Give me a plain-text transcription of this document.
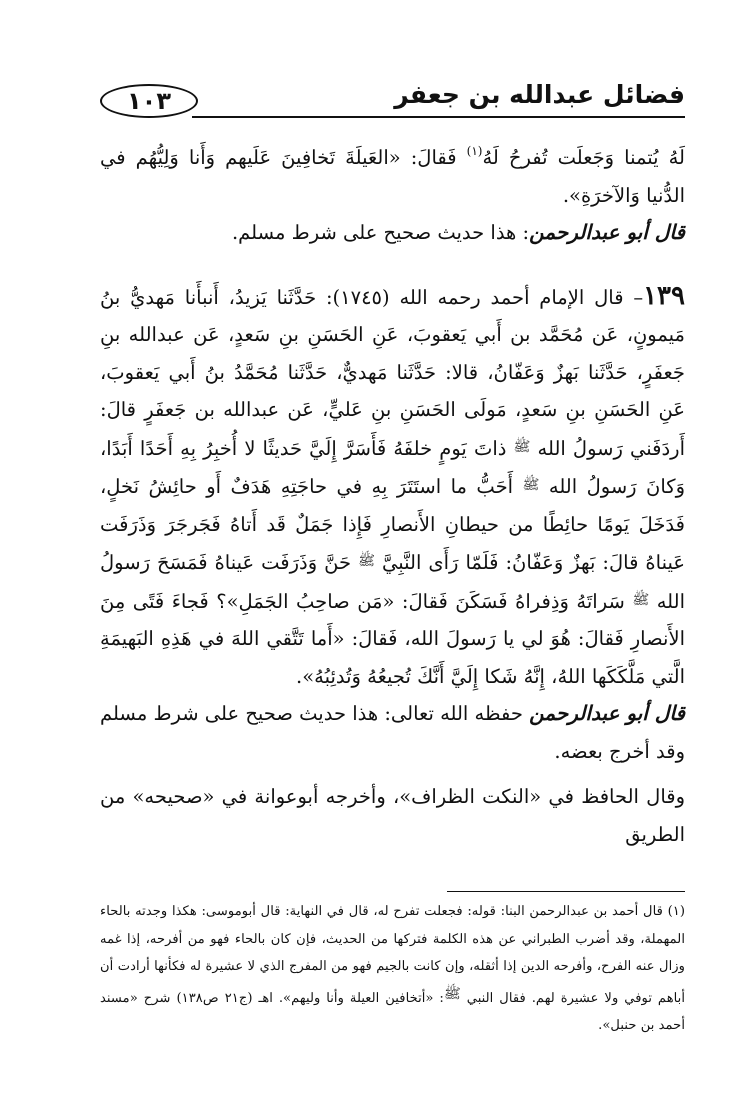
فضائل عبدالله بن جعفر
١٠٣

لَهُ يُتمنا وَجَعلَت تُفرحُ لَهُ$^{(١)}$ فَقالَ: «العَيلَةَ تَخافِينَ عَلَيهم وَأَنا وَلِيُّهُم في الدُّنيا وَالآخرَةِ».

قال أبو عبدالرحمن: هذا حديث صحيح على شرط مسلم.

١٣٩– قال الإمام أحمد رحمه الله (١٧٤٥): حَدَّثَنا يَزيدُ، أَنبأَنا مَهديُّ بنُ مَيمونٍ، عَن مُحَمَّد بن أَبي يَعقوبَ، عَنِ الحَسَنِ بنِ سَعدٍ، عَن عبدالله بنِ جَعفَرٍ، حَدَّثَنا بَهزٌ وَعَفّانُ، قالا: حَدَّثَنا مَهديٌّ، حَدَّثَنا مُحَمَّدُ بنُ أَبي يَعقوبَ، عَنِ الحَسَنِ بنِ سَعدٍ، مَولَى الحَسَنِ بنِ عَليٍّ، عَن عبدالله بن جَعفَرٍ قالَ: أَردَفَني رَسولُ الله $^ﷺ$ ذاتَ يَومٍ خلفَهُ فَأَسَرَّ إِلَيَّ حَديثًا لا أُخبِرُ بِهِ أَحَدًا أَبَدًا، وَكانَ رَسولُ الله $^ﷺ$ أَحَبُّ ما استَتَرَ بِهِ في حاجَتِهِ هَدَفٌ أَو حائِشُ نَخلٍ، فَدَخَلَ يَومًا حائِطًا من حيطانِ الأَنصارِ فَإِذا جَمَلٌ قَد أَتاهُ فَجَرجَرَ وَذَرَفَت عَيناهُ قالَ: بَهزٌ وَعَفّانُ: فَلَمّا رَأَى النَّبِيَّ $^ﷺ$ حَنَّ وَذَرَفَت عَيناهُ فَمَسَحَ رَسولُ الله $^ﷺ$ سَراتَهُ وَذِفراهُ فَسَكَنَ فَقالَ: «مَن صاحِبُ الجَمَلِ»؟ فَجاءَ فَتًى مِنَ الأَنصارِ فَقالَ: هُوَ لي يا رَسولَ الله، فَقالَ: «أَما تَتَّقي اللهَ في هَذِهِ البَهيمَةِ الَّتي مَلَّكَكَها اللهُ، إِنَّهُ شَكا إِلَيَّ أَنَّكَ تُجيعُهُ وَتُدئِبُهُ».

قال أبو عبدالرحمن حفظه الله تعالى: هذا حديث صحيح على شرط مسلم وقد أخرج بعضه.

وقال الحافظ في «النكت الظراف»، وأخرجه أبوعوانة في «صحيحه» من الطريق

(١) قال أحمد بن عبدالرحمن البنا: قوله: فجعلت تفرح له، قال في النهاية: قال أبوموسى: هكذا وجدته بالحاء المهملة، وقد أضرب الطبراني عن هذه الكلمة فتركها من الحديث، فإن كان بالحاء فهو من أفرحه، إذا غمه وزال عنه الفرح، وأفرحه الدين إذا أثقله، وإن كانت بالجيم فهو من المفرج الذي لا عشيرة له فكأنها أرادت أن أباهم توفي ولا عشيرة لهم. فقال النبي ﷺ: «أتخافين العيلة وأنا وليهم». اهـ (ج٢١ ص١٣٨) شرح «مسند أحمد بن حنبل».
